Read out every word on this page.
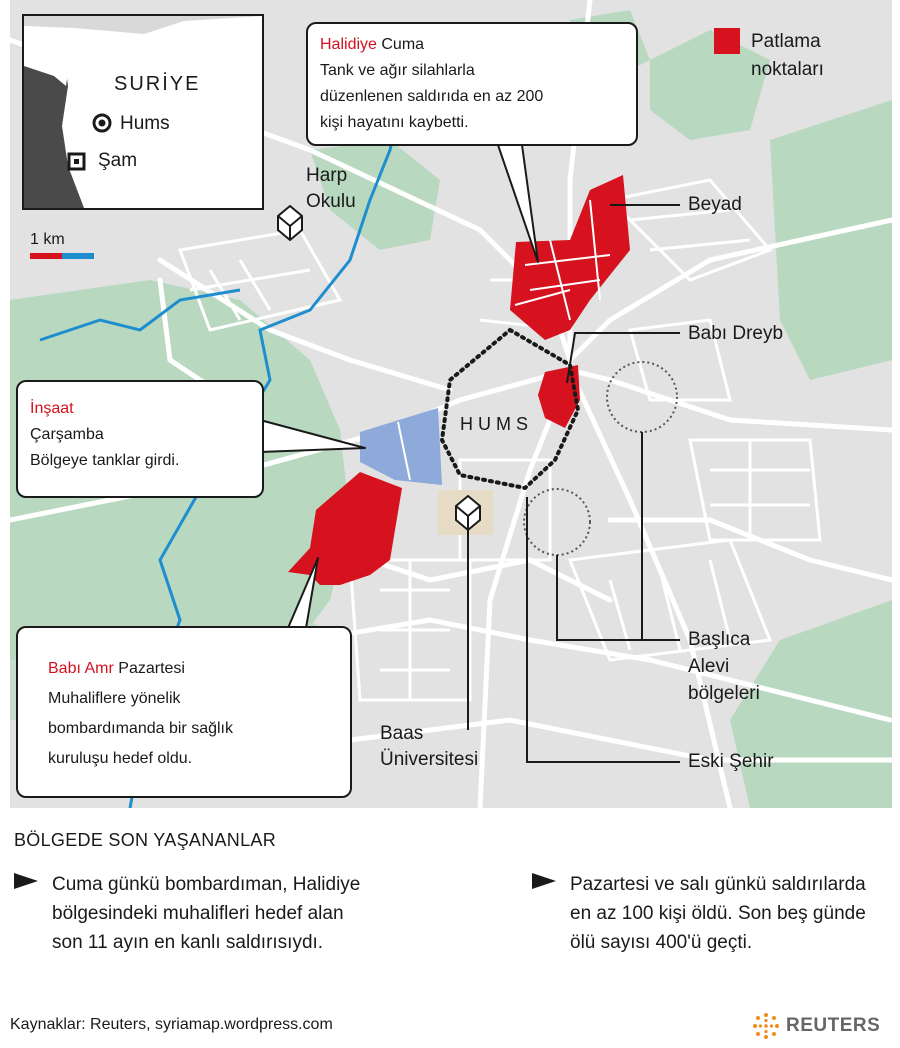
SURİYE
Hums
Şam
1 km
Patlama
noktaları
Harp
Okulu	Beyad
Babı Dreyb
HUMS
Başlıca
Alevi
bölgeleri
Eski Şehir
Baas
Üniversitesi
Halidiye Cuma
Tank ve ağır silahlarla
düzenlenen saldırıda en az 200
kişi hayatını kaybetti.
İnşaat
Çarşamba
Bölgeye tanklar girdi.
Babı Amr Pazartesi
Muhaliflere yönelik
bombardımanda bir sağlık
kuruluşu hedef oldu.
BÖLGEDE SON YAŞANANLAR
Cuma günkü bombardıman, Halidiye bölgesindeki muhalifleri hedef alan son 11 ayın en kanlı saldırısıydı.
Pazartesi ve salı günkü saldırılarda en az 100 kişi öldü. Son beş günde ölü sayısı 400'ü geçti.
Kaynaklar: Reuters, syriamap.wordpress.com	REUTERS
